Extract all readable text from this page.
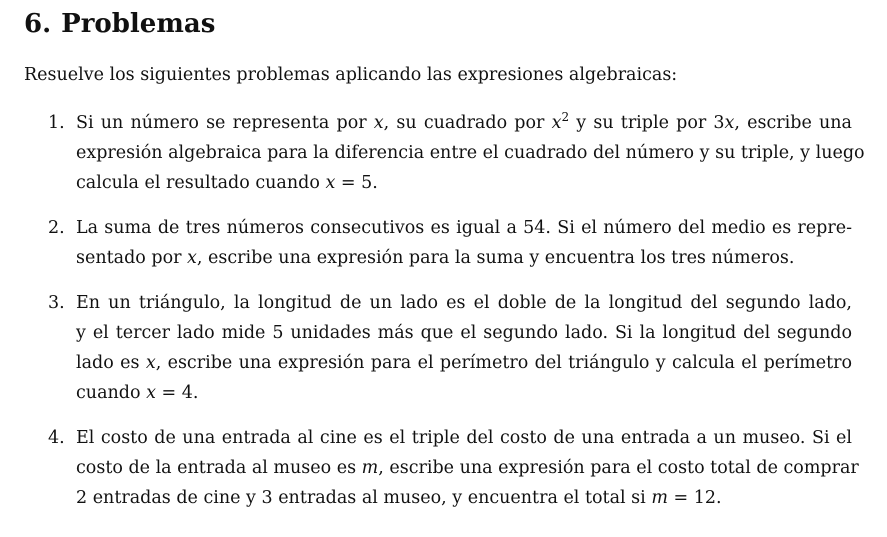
6. Problemas

Resuelve los siguientes problemas aplicando las expresiones algebraicas:

1. Si un número se representa por x, su cuadrado por $x^2$ y su triple por 3x, escribe una
expresión algebraica para la diferencia entre el cuadrado del número y su triple, y luego
calcula el resultado cuando x = 5.
2. La suma de tres números consecutivos es igual a 54. Si el número del medio es repre-
sentado por x, escribe una expresión para la suma y encuentra los tres números.
3. En un triángulo, la longitud de un lado es el doble de la longitud del segundo lado,
y el tercer lado mide 5 unidades más que el segundo lado. Si la longitud del segundo
lado es x, escribe una expresión para el perímetro del triángulo y calcula el perímetro
cuando x = 4.
4. El costo de una entrada al cine es el triple del costo de una entrada a un museo. Si el
costo de la entrada al museo es m, escribe una expresión para el costo total de comprar
2 entradas de cine y 3 entradas al museo, y encuentra el total si m = 12.
